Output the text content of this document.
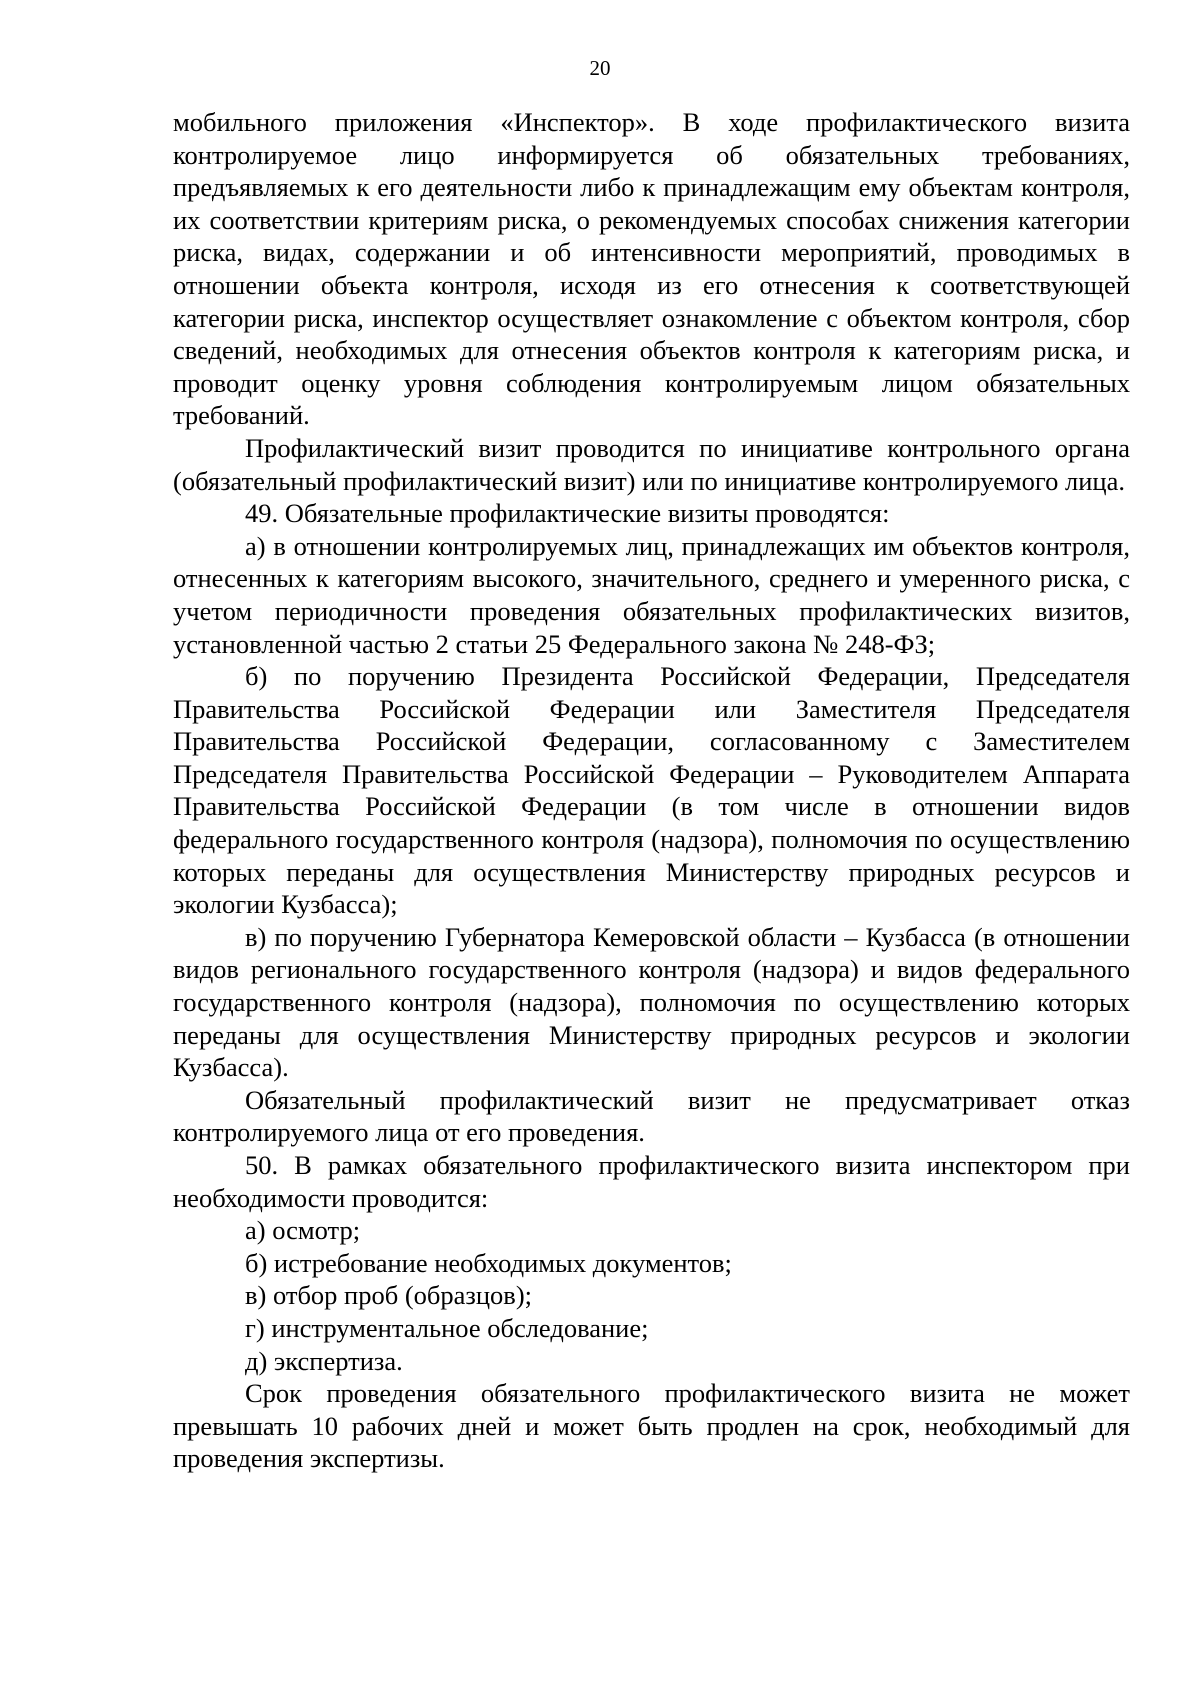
20

мобильного приложения «Инспектор». В ходе профилактического визита контролируемое лицо информируется об обязательных требованиях, предъявляемых к его деятельности либо к принадлежащим ему объектам контроля, их соответствии критериям риска, о рекомендуемых способах снижения категории риска, видах, содержании и об интенсивности мероприятий, проводимых в отношении объекта контроля, исходя из его отнесения к соответствующей категории риска, инспектор осуществляет ознакомление с объектом контроля, сбор сведений, необходимых для отнесения объектов контроля к категориям риска, и проводит оценку уровня соблюдения контролируемым лицом обязательных требований.

Профилактический визит проводится по инициативе контрольного органа (обязательный профилактический визит) или по инициативе контролируемого лица.

49. Обязательные профилактические визиты проводятся:

а) в отношении контролируемых лиц, принадлежащих им объектов контроля, отнесенных к категориям высокого, значительного, среднего и умеренного риска, с учетом периодичности проведения обязательных профилактических визитов, установленной частью 2 статьи 25 Федерального закона № 248-ФЗ;

б) по поручению Президента Российской Федерации, Председателя Правительства Российской Федерации или Заместителя Председателя Правительства Российской Федерации, согласованному с Заместителем Председателя Правительства Российской Федерации – Руководителем Аппарата Правительства Российской Федерации (в том числе в отношении видов федерального государственного контроля (надзора), полномочия по осуществлению которых переданы для осуществления Министерству природных ресурсов и экологии Кузбасса);

в) по поручению Губернатора Кемеровской области – Кузбасса (в отношении видов регионального государственного контроля (надзора) и видов федерального государственного контроля (надзора), полномочия по осуществлению которых переданы для осуществления Министерству природных ресурсов и экологии Кузбасса).

Обязательный профилактический визит не предусматривает отказ контролируемого лица от его проведения.

50. В рамках обязательного профилактического визита инспектором при необходимости проводится:

а) осмотр;

б) истребование необходимых документов;

в) отбор проб (образцов);

г) инструментальное обследование;

д) экспертиза.

Срок проведения обязательного профилактического визита не может превышать 10 рабочих дней и может быть продлен на срок, необходимый для проведения экспертизы.
